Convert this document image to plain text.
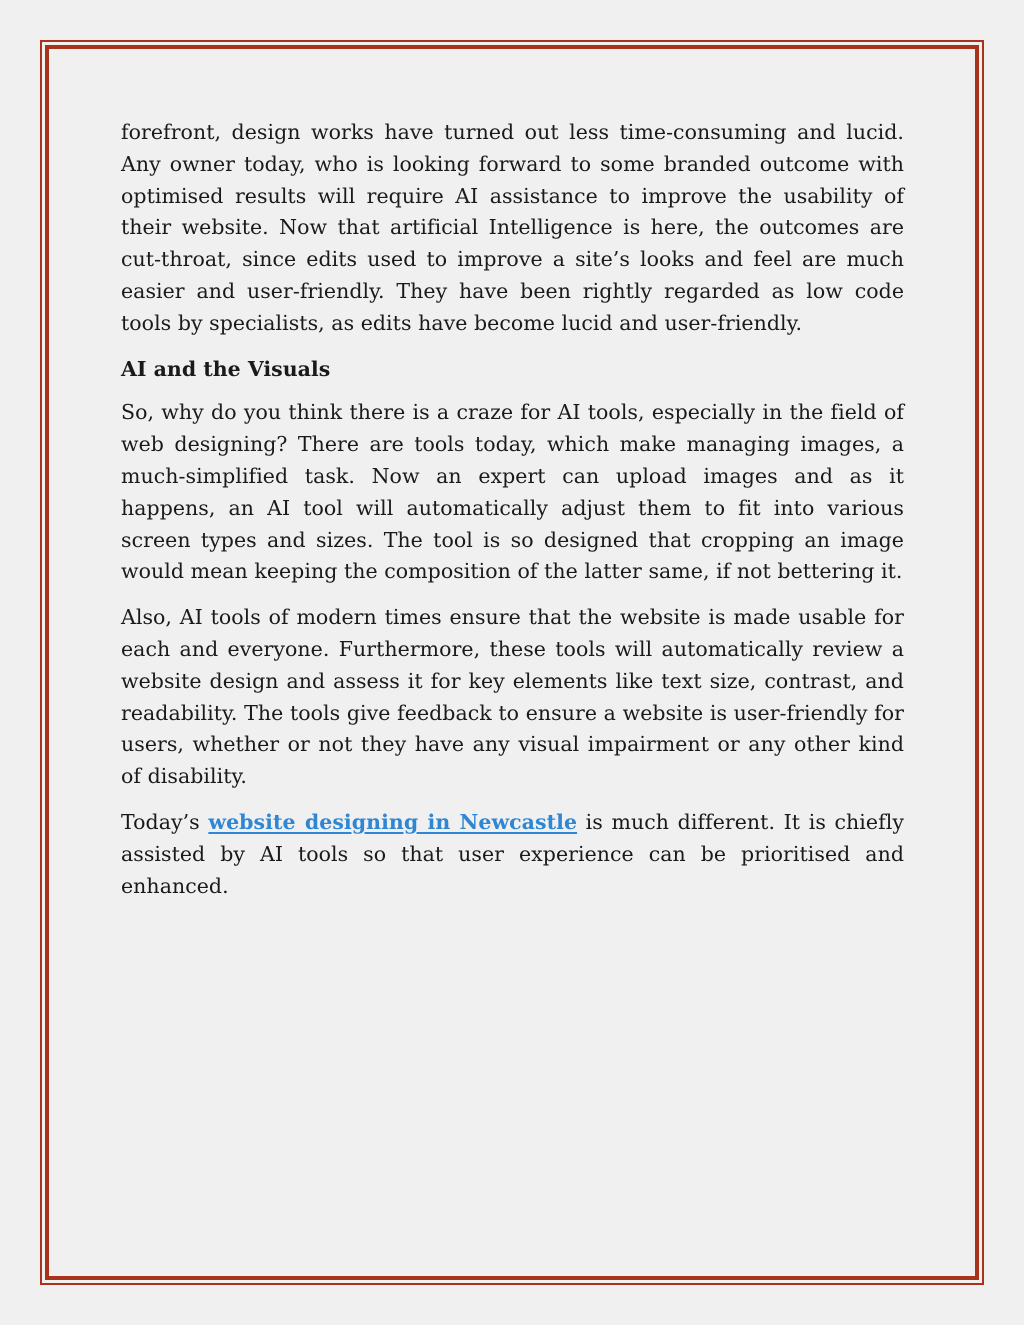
forefront, design works have turned out less time-consuming and lucid. Any owner today, who is looking forward to some branded outcome with optimised results will require AI assistance to improve the usability of their website. Now that artificial Intelligence is here, the outcomes are cut-throat, since edits used to improve a site’s looks and feel are much easier and user-friendly. They have been rightly regarded as low code tools by specialists, as edits have become lucid and user-friendly.

AI and the Visuals

So, why do you think there is a craze for AI tools, especially in the field of web designing? There are tools today, which make managing images, a much-simplified task. Now an expert can upload images and as it happens, an AI tool will automatically adjust them to fit into various screen types and sizes. The tool is so designed that cropping an image would mean keeping the composition of the latter same, if not bettering it.

Also, AI tools of modern times ensure that the website is made usable for each and everyone. Furthermore, these tools will automatically review a website design and assess it for key elements like text size, contrast, and readability. The tools give feedback to ensure a website is user-friendly for users, whether or not they have any visual impairment or any other kind of disability.

Today’s website designing in Newcastle is much different. It is chiefly assisted by AI tools so that user experience can be prioritised and enhanced.
